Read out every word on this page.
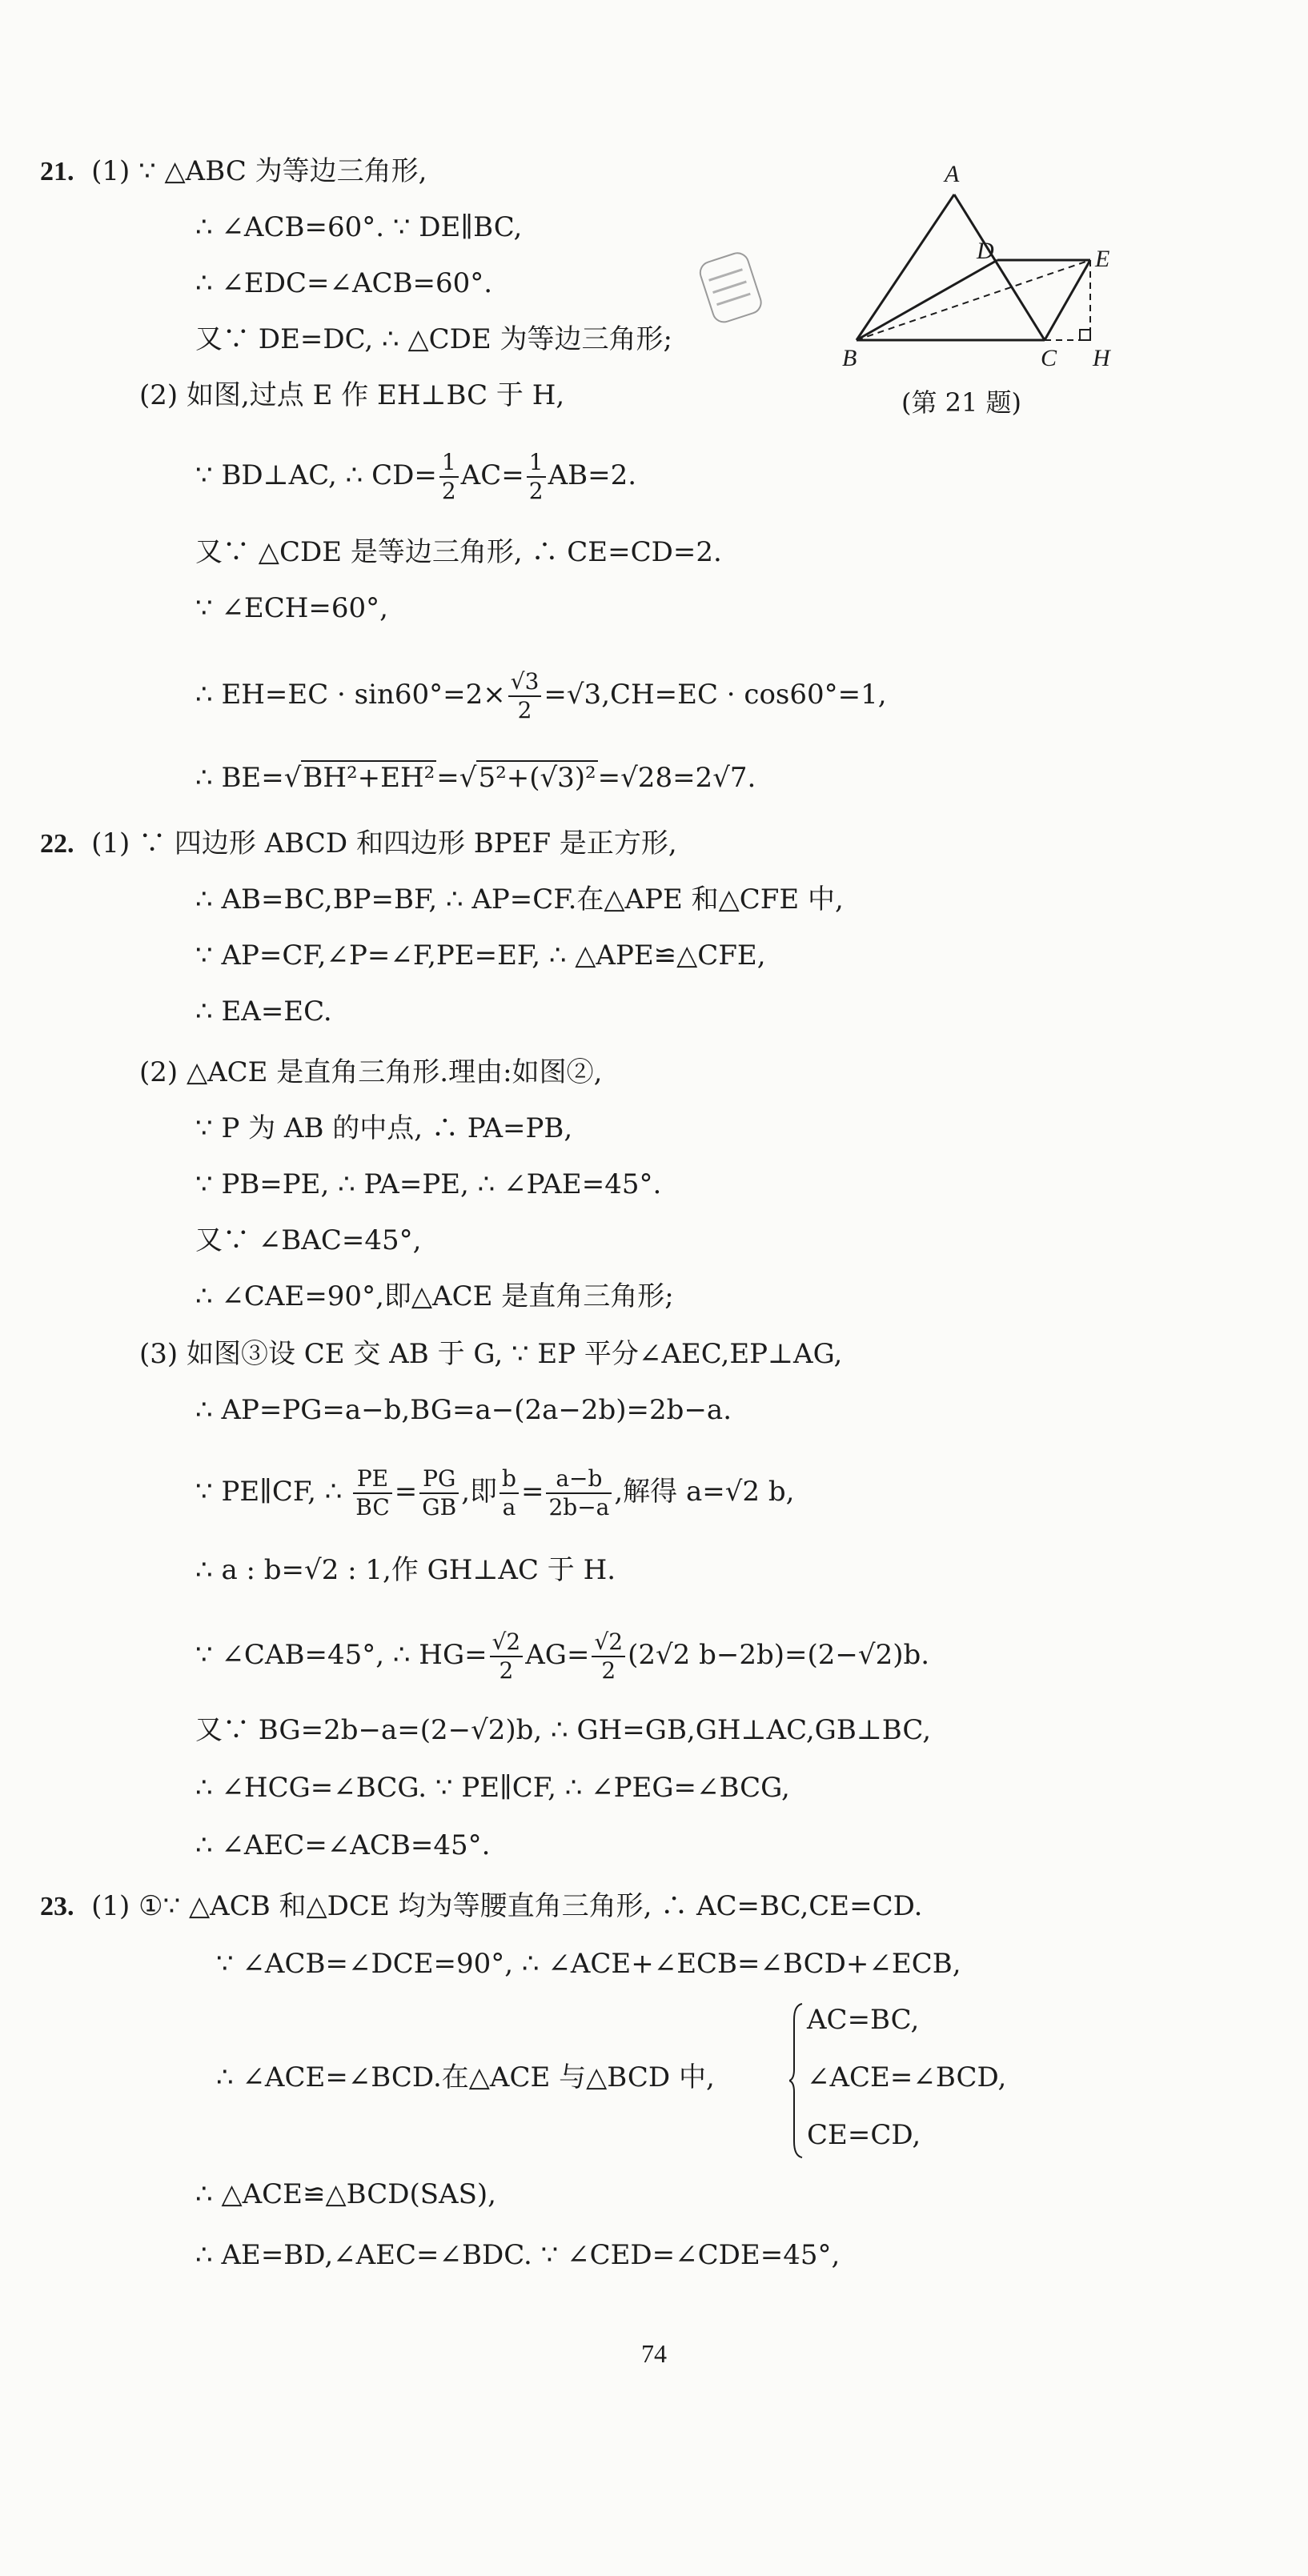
21. (1) ∵ △ABC 为等边三角形,
∴ ∠ACB=60°. ∵ DE∥BC,
∴ ∠EDC=∠ACB=60°.
又∵ DE=DC, ∴ △CDE 为等边三角形;
(2) 如图,过点 E 作 EH⊥BC 于 H,
∵ BD⊥AC, ∴ $CD= \frac{1}{2} AC= \frac{1}{2} AB=2$.
又∵ △CDE 是等边三角形, ∴ CE=CD=2.
∵ ∠ECH=60°,
∴ $EH=EC \cdot \sin 60^\circ=2\times \frac{√3}{2} =√3,CH=EC \cdot \cos 60^\circ=1$,
∴ BE=√BH²+EH²=√5²+(√3)²=√28=2√7.
22. (1) ∵ 四边形 ABCD 和四边形 BPEF 是正方形,
∴ AB=BC,BP=BF, ∴ AP=CF.在△APE 和△CFE 中,
∵ AP=CF,∠P=∠F,PE=EF, ∴ △APE≌△CFE,
∴ EA=EC.
(2) △ACE 是直角三角形.理由:如图②,
∵ P 为 AB 的中点, ∴ PA=PB,
∵ PB=PE, ∴ PA=PE, ∴ ∠PAE=45°.
又∵ ∠BAC=45°,
∴ ∠CAE=90°,即△ACE 是直角三角形;
(3) 如图③设 CE 交 AB 于 G, ∵ EP 平分∠AEC,EP⊥AG,
∴ AP=PG=a−b,BG=a−(2a−2b)=2b−a.
∵ PE∥CF, ∴ $\frac{PE}{BC} = \frac{PG}{GB}$ ,即 $\frac{b}{a} = \frac{a-b}{2b-a}$ ,解得 a=√2 b,
∴ a : b=√2 : 1,作 GH⊥AC 于 H.
∵ ∠CAB=45°, ∴ $HG= \frac{√2}{2} AG= \frac{√2}{2} (2√2$ b−2b)=(2−√2)b.
又∵ BG=2b−a=(2−√2)b, ∴ GH=GB,GH⊥AC,GB⊥BC,
∴ ∠HCG=∠BCG. ∵ PE∥CF, ∴ ∠PEG=∠BCG,
∴ ∠AEC=∠ACB=45°.
23. (1) ①∵ △ACB 和△DCE 均为等腰直角三角形, ∴ AC=BC,CE=CD.
∵ ∠ACB=∠DCE=90°, ∴ ∠ACE+∠ECB=∠BCD+∠ECB,
∴ ∠ACE=∠BCD.在△ACE 与△BCD 中,
AC=BC,
∠ACE=∠BCD,
CE=CD,
∴ △ACE≌△BCD(SAS),
∴ AE=BD,∠AEC=∠BDC. ∵ ∠CED=∠CDE=45°,
A
B	C
D	E
H
(第 21 题)
74
